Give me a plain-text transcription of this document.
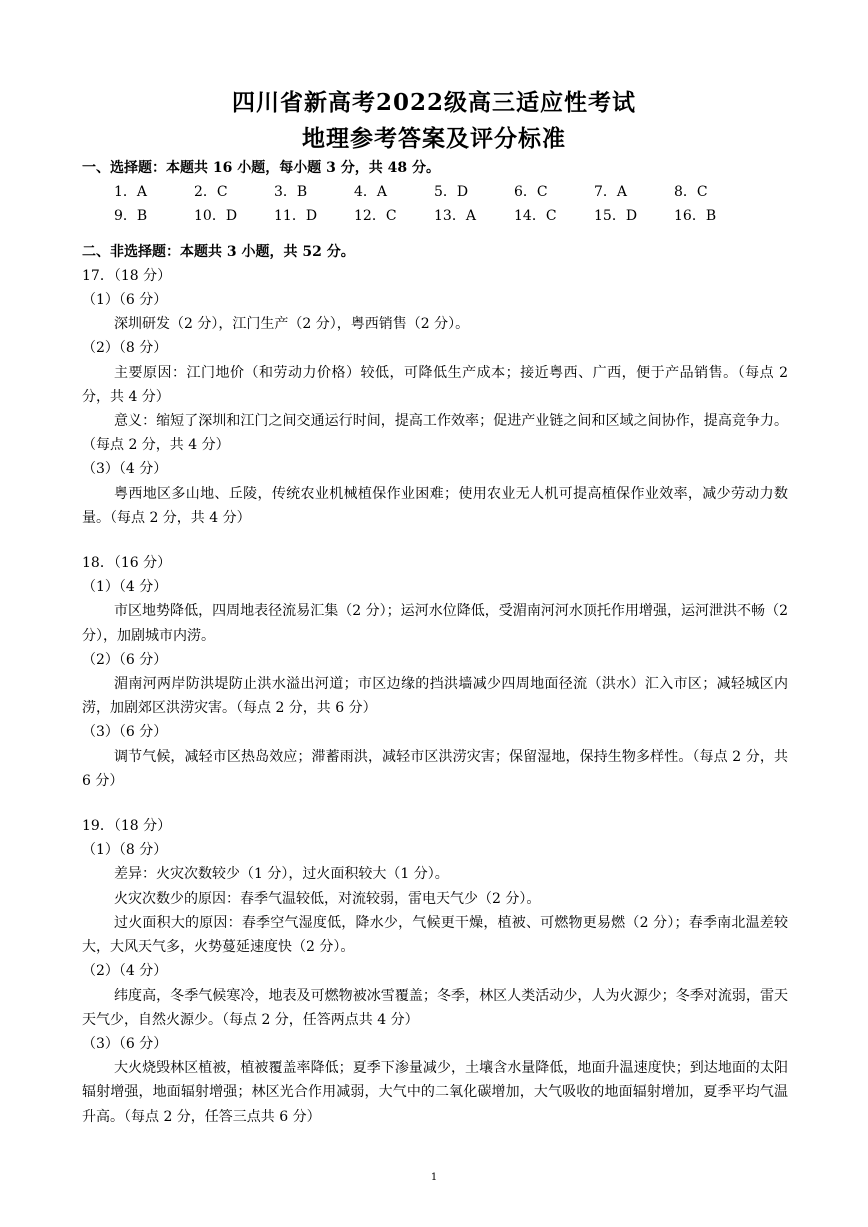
四川省新高考2022级高三适应性考试
地理参考答案及评分标准
一、选择题：本题共 16 小题，每小题 3 分，共 48 分。
1．A	2．C	3．B	4．A	5．D	6．C	7．A	8．C
9．B	10．D	11．D	12．C	13．A	14．C	15．D	16．B
二、非选择题：本题共 3 小题，共 52 分。
17．（18 分）
（1）（6 分）
深圳研发（2 分），江门生产（2 分），粤西销售（2 分）。
（2）（8 分）
主要原因：江门地价（和劳动力价格）较低，可降低生产成本；接近粤西、广西，便于产品销售。（每点 2 分，共 4 分）
意义：缩短了深圳和江门之间交通运行时间，提高工作效率；促进产业链之间和区域之间协作，提高竞争力。（每点 2 分，共 4 分）
（3）（4 分）
粤西地区多山地、丘陵，传统农业机械植保作业困难；使用农业无人机可提高植保作业效率，减少劳动力数量。（每点 2 分，共 4 分）
18．（16 分）
（1）（4 分）
市区地势降低，四周地表径流易汇集（2 分）；运河水位降低，受湄南河河水顶托作用增强，运河泄洪不畅（2 分），加剧城市内涝。
（2）（6 分）
湄南河两岸防洪堤防止洪水溢出河道；市区边缘的挡洪墙减少四周地面径流（洪水）汇入市区；减轻城区内涝，加剧郊区洪涝灾害。（每点 2 分，共 6 分）
（3）（6 分）
调节气候，减轻市区热岛效应；滞蓄雨洪，减轻市区洪涝灾害；保留湿地，保持生物多样性。（每点 2 分，共 6 分）
19．（18 分）
（1）（8 分）
差异：火灾次数较少（1 分），过火面积较大（1 分）。
火灾次数少的原因：春季气温较低，对流较弱，雷电天气少（2 分）。
过火面积大的原因：春季空气湿度低，降水少，气候更干燥，植被、可燃物更易燃（2 分）；春季南北温差较大，大风天气多，火势蔓延速度快（2 分）。
（2）（4 分）
纬度高，冬季气候寒冷，地表及可燃物被冰雪覆盖；冬季，林区人类活动少，人为火源少；冬季对流弱，雷天天气少，自然火源少。（每点 2 分，任答两点共 4 分）
（3）（6 分）
大火烧毁林区植被，植被覆盖率降低；夏季下渗量减少，土壤含水量降低，地面升温速度快；到达地面的太阳辐射增强，地面辐射增强；林区光合作用减弱，大气中的二氧化碳增加，大气吸收的地面辐射增加，夏季平均气温升高。（每点 2 分，任答三点共 6 分）
1
